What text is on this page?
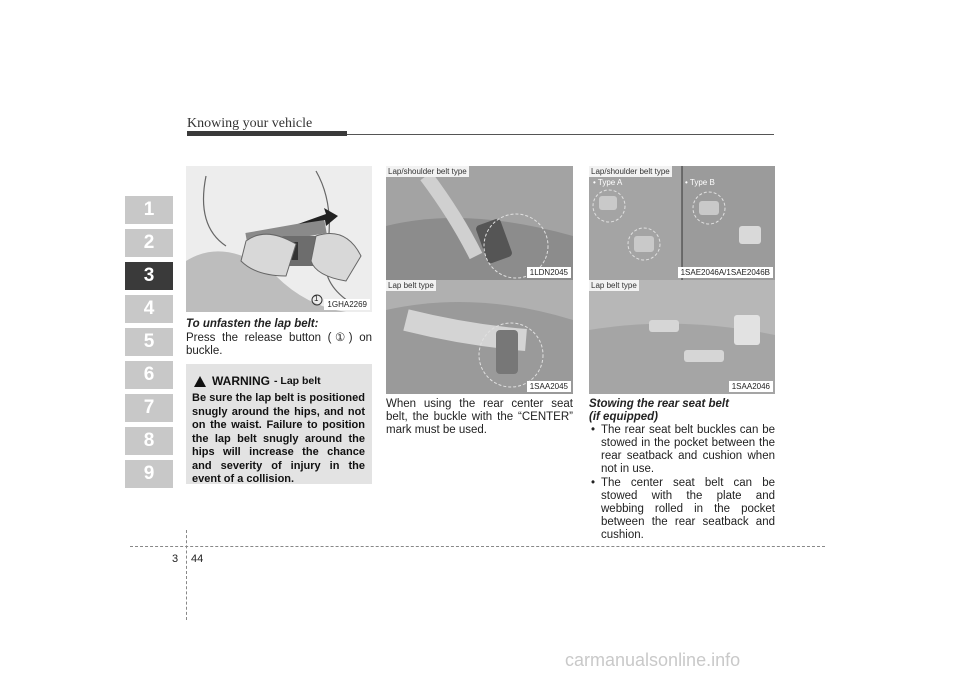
Knowing your vehicle
1
2
3
4
5
6
7
8
9
1
1GHA2269
To unfasten the lap belt:
Press the release button (①) on buckle.
WARNING - Lap belt
Be sure the lap belt is positioned snugly around the hips, and not on the waist. Failure to position the lap belt snugly around the hips will increase the chance and severity of injury in the event of a collision.
Lap/shoulder belt type
1LDN2045
Lap belt type
1SAA2045
When using the rear center seat belt, the buckle with the “CENTER” mark must be used.
Lap/shoulder belt type
• Type A	• Type B
1SAE2046A/1SAE2046B
Lap belt type
1SAA2046
Stowing the rear seat belt
(if equipped)
• The rear seat belt buckles can be stowed in the pocket between the rear seatback and cushion when not in use.
• The center seat belt can be stowed with the plate and webbing rolled in the pocket between the rear seatback and cushion.
3 44
carmanualsonline.info
